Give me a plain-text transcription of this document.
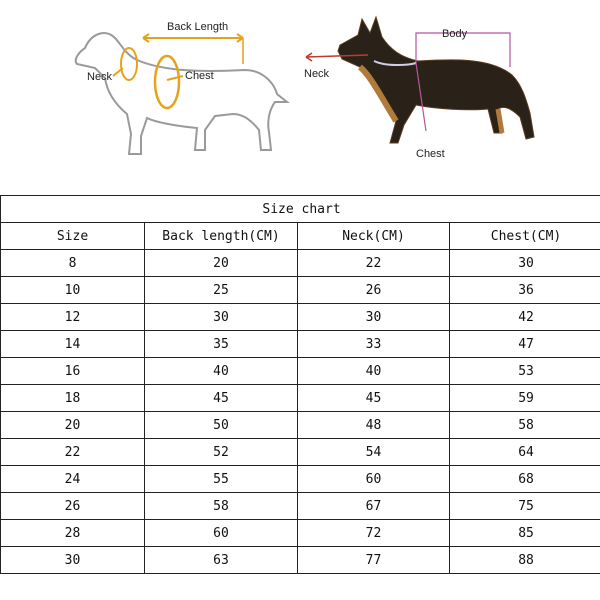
Back Length
Neck	Chest
Body
Neck
Chest
Size chart			
Size	Back length(CM)	Neck(CM)	Chest(CM)
8	20	22	30
10	25	26	36
12	30	30	42
14	35	33	47
16	40	40	53
18	45	45	59
20	50	48	58
22	52	54	64
24	55	60	68
26	58	67	75
28	60	72	85
30	63	77	88
